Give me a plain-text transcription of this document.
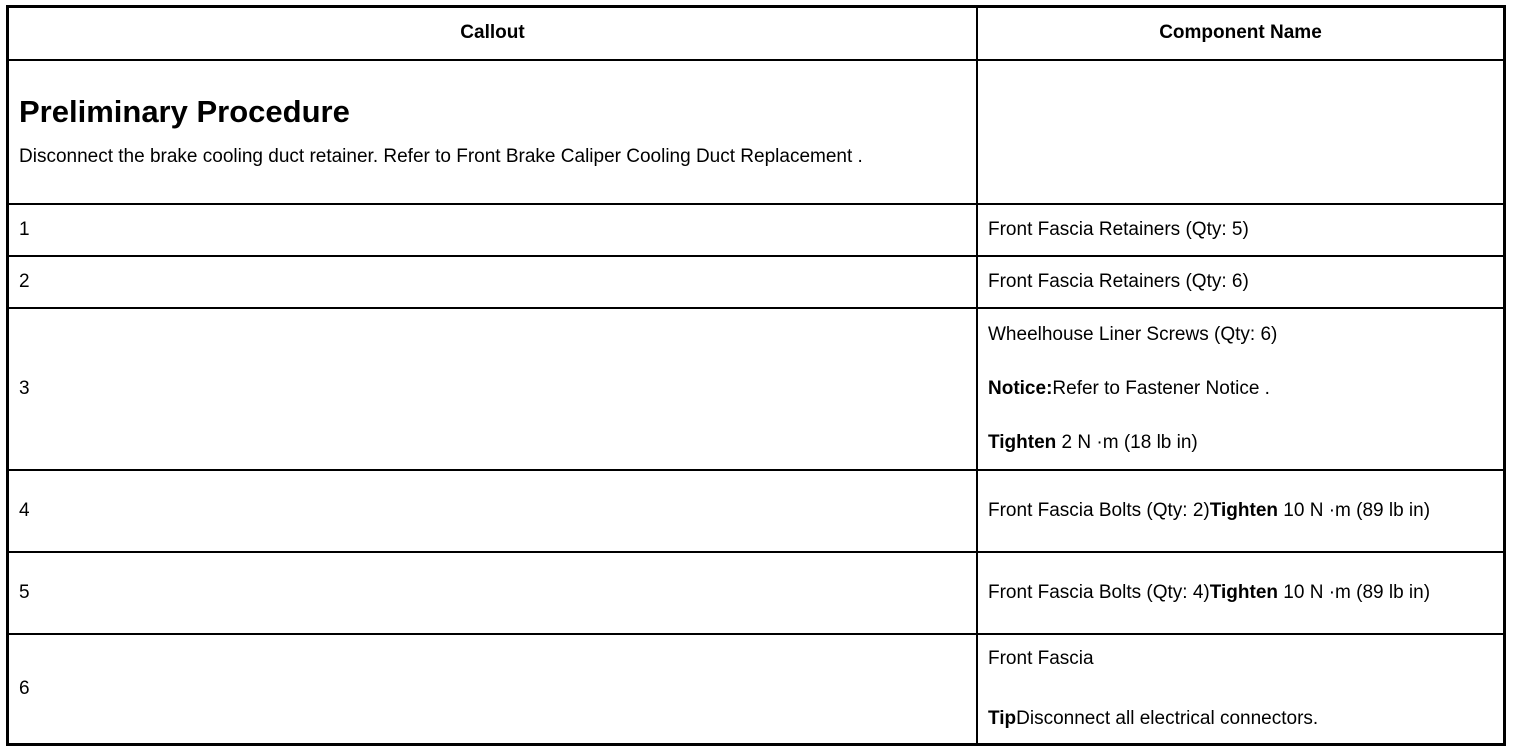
Callout	Component Name

Preliminary Procedure

Disconnect the brake cooling duct retainer. Refer to Front Brake Caliper Cooling Duct Replacement .	

1	Front Fascia Retainers (Qty: 5)
2	Front Fascia Retainers (Qty: 6)
3	Wheelhouse Liner Screws (Qty: 6)
Notice:Refer to Fastener Notice .
Tighten 2 N ·m (18 lb in)

4	Front Fascia Bolts (Qty: 2)Tighten 10 N ·m (89 lb in)
5	Front Fascia Bolts (Qty: 4)Tighten 10 N ·m (89 lb in)
6	Front Fascia
TipDisconnect all electrical connectors.
